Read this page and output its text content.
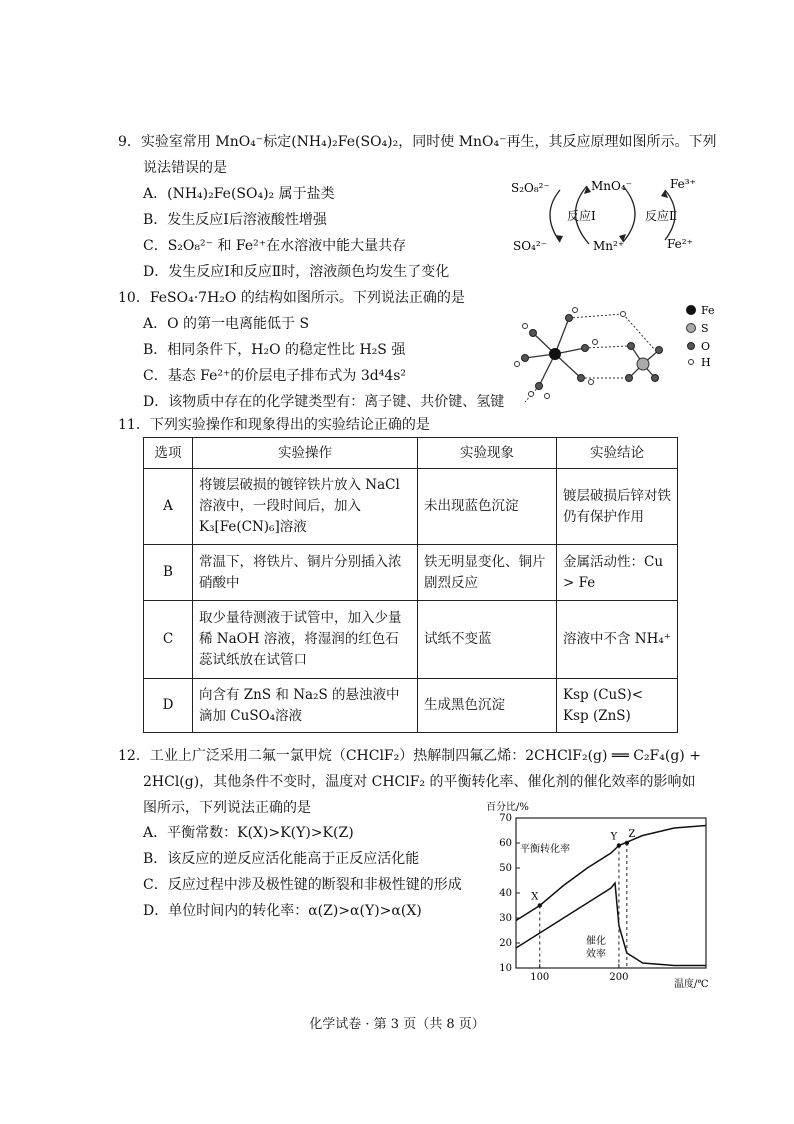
9．实验室常用 MnO₄⁻标定(NH₄)₂Fe(SO₄)₂，同时使 MnO₄⁻再生，其反应原理如图所示。下列
说法错误的是
A．(NH₄)₂Fe(SO₄)₂ 属于盐类
B．发生反应Ⅰ后溶液酸性增强
C．S₂O₈²⁻ 和 Fe²⁺在水溶液中能大量共存
D．发生反应Ⅰ和反应Ⅱ时，溶液颜色均发生了变化
S₂O₈²⁻	MnO₄⁻	Fe³⁺
SO₄²⁻	Mn²⁺	Fe²⁺
反应Ⅰ	反应Ⅱ
10．FeSO₄·7H₂O 的结构如图所示。下列说法正确的是
A．O 的第一电离能低于 S
B．相同条件下，H₂O 的稳定性比 H₂S 强
C．基态 Fe²⁺的价层电子排布式为 3d⁴4s²
D．该物质中存在的化学键类型有：离子键、共价键、氢键
Fe
S
O
H
11．下列实验操作和现象得出的实验结论正确的是
选项	实验操作	实验现象	实验结论
A	将镀层破损的镀锌铁片放入 NaCl 溶液中，一段时间后，加入 K₃[Fe(CN)₆]溶液	未出现蓝色沉淀	镀层破损后锌对铁仍有保护作用
B	常温下，将铁片、铜片分别插入浓硝酸中	铁无明显变化、铜片剧烈反应	金属活动性：Cu > Fe
C	取少量待测液于试管中，加入少量稀 NaOH 溶液，将湿润的红色石蕊试纸放在试管口	试纸不变蓝	溶液中不含 NH₄⁺
D	向含有 ZnS 和 Na₂S 的悬浊液中滴加 CuSO₄溶液	生成黑色沉淀	Ksp (CuS)< Ksp (ZnS)
12．工业上广泛采用二氟一氯甲烷（CHClF₂）热解制四氟乙烯：2CHClF₂(g) ══ C₂F₄(g) +
2HCl(g)，其他条件不变时，温度对 CHClF₂ 的平衡转化率、催化剂的催化效率的影响如
图所示，下列说法正确的是
A．平衡常数：K(X)>K(Y)>K(Z)
B．该反应的逆反应活化能高于正反应活化能
C．反应过程中涉及极性键的断裂和非极性键的形成
D．单位时间内的转化率：α(Z)>α(Y)>α(X)
百分比/%
温度/℃
10
20
30
40
50
60
70
100	200
X
Y Z
平衡转化率
催化
效率
化学试卷 · 第 3 页（共 8 页）
